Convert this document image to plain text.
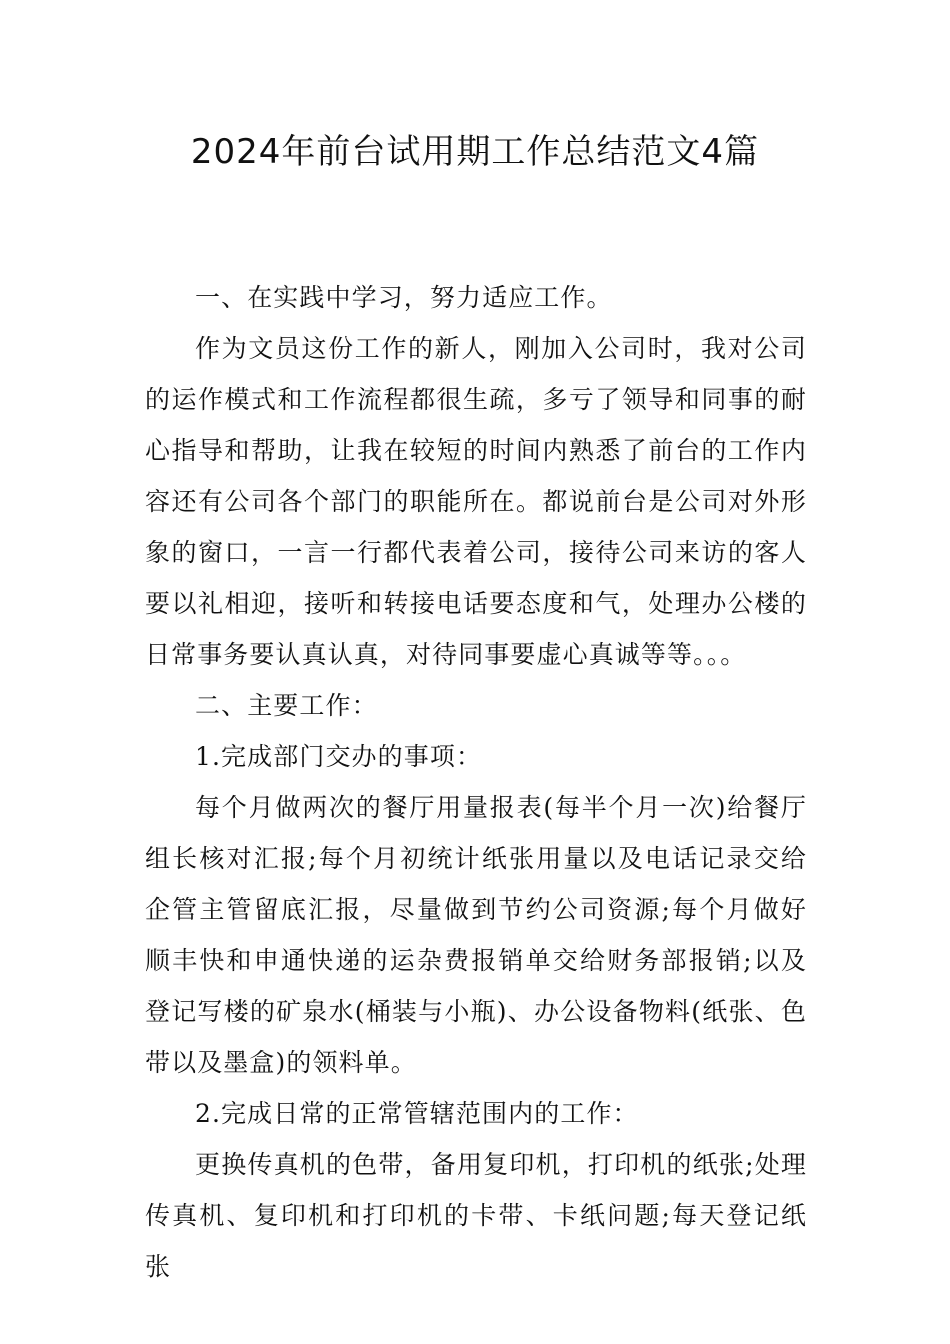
2024年前台试用期工作总结范文4篇

一、在实践中学习，努力适应工作。

作为文员这份工作的新人，刚加入公司时，我对公司的运作模式和工作流程都很生疏，多亏了领导和同事的耐心指导和帮助，让我在较短的时间内熟悉了前台的工作内容还有公司各个部门的职能所在。都说前台是公司对外形象的窗口，一言一行都代表着公司，接待公司来访的客人要以礼相迎，接听和转接电话要态度和气，处理办公楼的日常事务要认真认真，对待同事要虚心真诚等等。。。

二、主要工作：

1.完成部门交办的事项：

每个月做两次的餐厅用量报表(每半个月一次)给餐厅组长核对汇报;每个月初统计纸张用量以及电话记录交给企管主管留底汇报，尽量做到节约公司资源;每个月做好顺丰快和申通快递的运杂费报销单交给财务部报销;以及登记写楼的矿泉水(桶装与小瓶)、办公设备物料(纸张、色带以及墨盒)的领料单。

2.完成日常的正常管辖范围内的工作：

更换传真机的色带，备用复印机，打印机的纸张;处理传真机、复印机和打印机的卡带、卡纸问题;每天登记纸张
